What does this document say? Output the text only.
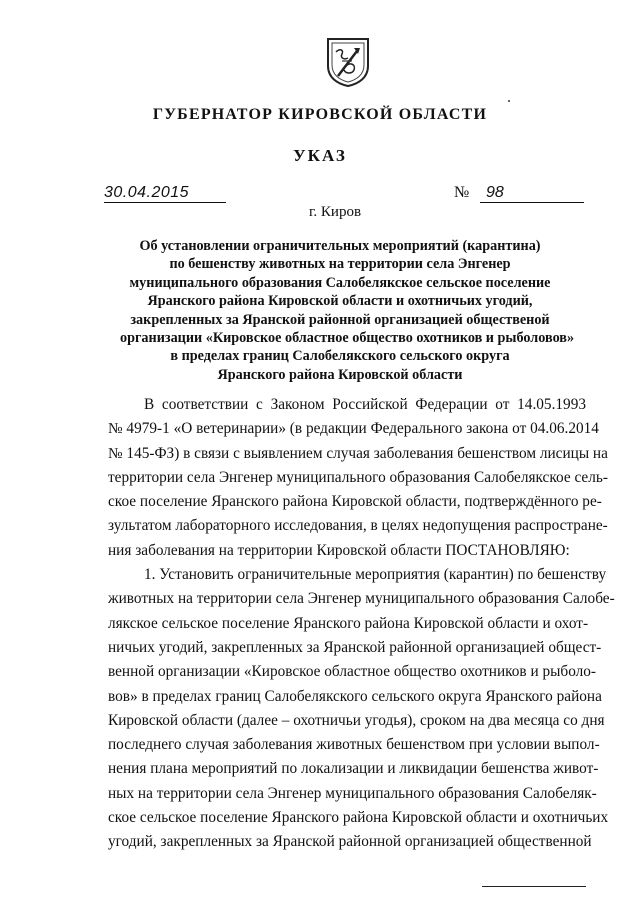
ГУБЕРНАТОР КИРОВСКОЙ ОБЛАСТИ
УКАЗ
30.04.2015	№ 98
г. Киров
Об установлении ограничительных мероприятий (карантина)
по бешенству животных на территории села Энгенер
муниципального образования Салобелякское сельское поселение
Яранского района Кировской области и охотничьих угодий,
закрепленных за Яранской районной организацией общественой
организации «Кировское областное общество охотников и рыболовов»
в пределах границ Салобелякского сельского округа
Яранского района Кировской области
В соответствии с Законом Российской Федерации от 14.05.1993
№ 4979-1 «О ветеринарии» (в редакции Федерального закона от 04.06.2014
№ 145-ФЗ) в связи с выявлением случая заболевания бешенством лисицы на
территории села Энгенер муниципального образования Салобелякское сель-
ское поселение Яранского района Кировской области, подтверждённого ре-
зультатом лабораторного исследования, в целях недопущения распростране-
ния заболевания на территории Кировской области ПОСТАНОВЛЯЮ:
1. Установить ограничительные мероприятия (карантин) по бешенству
животных на территории села Энгенер муниципального образования Салобе-
лякское сельское поселение Яранского района Кировской области и охот-
ничьих угодий, закрепленных за Яранской районной организацией общест-
венной организации «Кировское областное общество охотников и рыболо-
вов» в пределах границ Салобелякского сельского округа Яранского района
Кировской области (далее – охотничьи угодья), сроком на два месяца со дня
последнего случая заболевания животных бешенством при условии выпол-
нения плана мероприятий по локализации и ликвидации бешенства живот-
ных на территории села Энгенер муниципального образования Салобеляк-
ское сельское поселение Яранского района Кировской области и охотничьих
угодий, закрепленных за Яранской районной организацией общественной
